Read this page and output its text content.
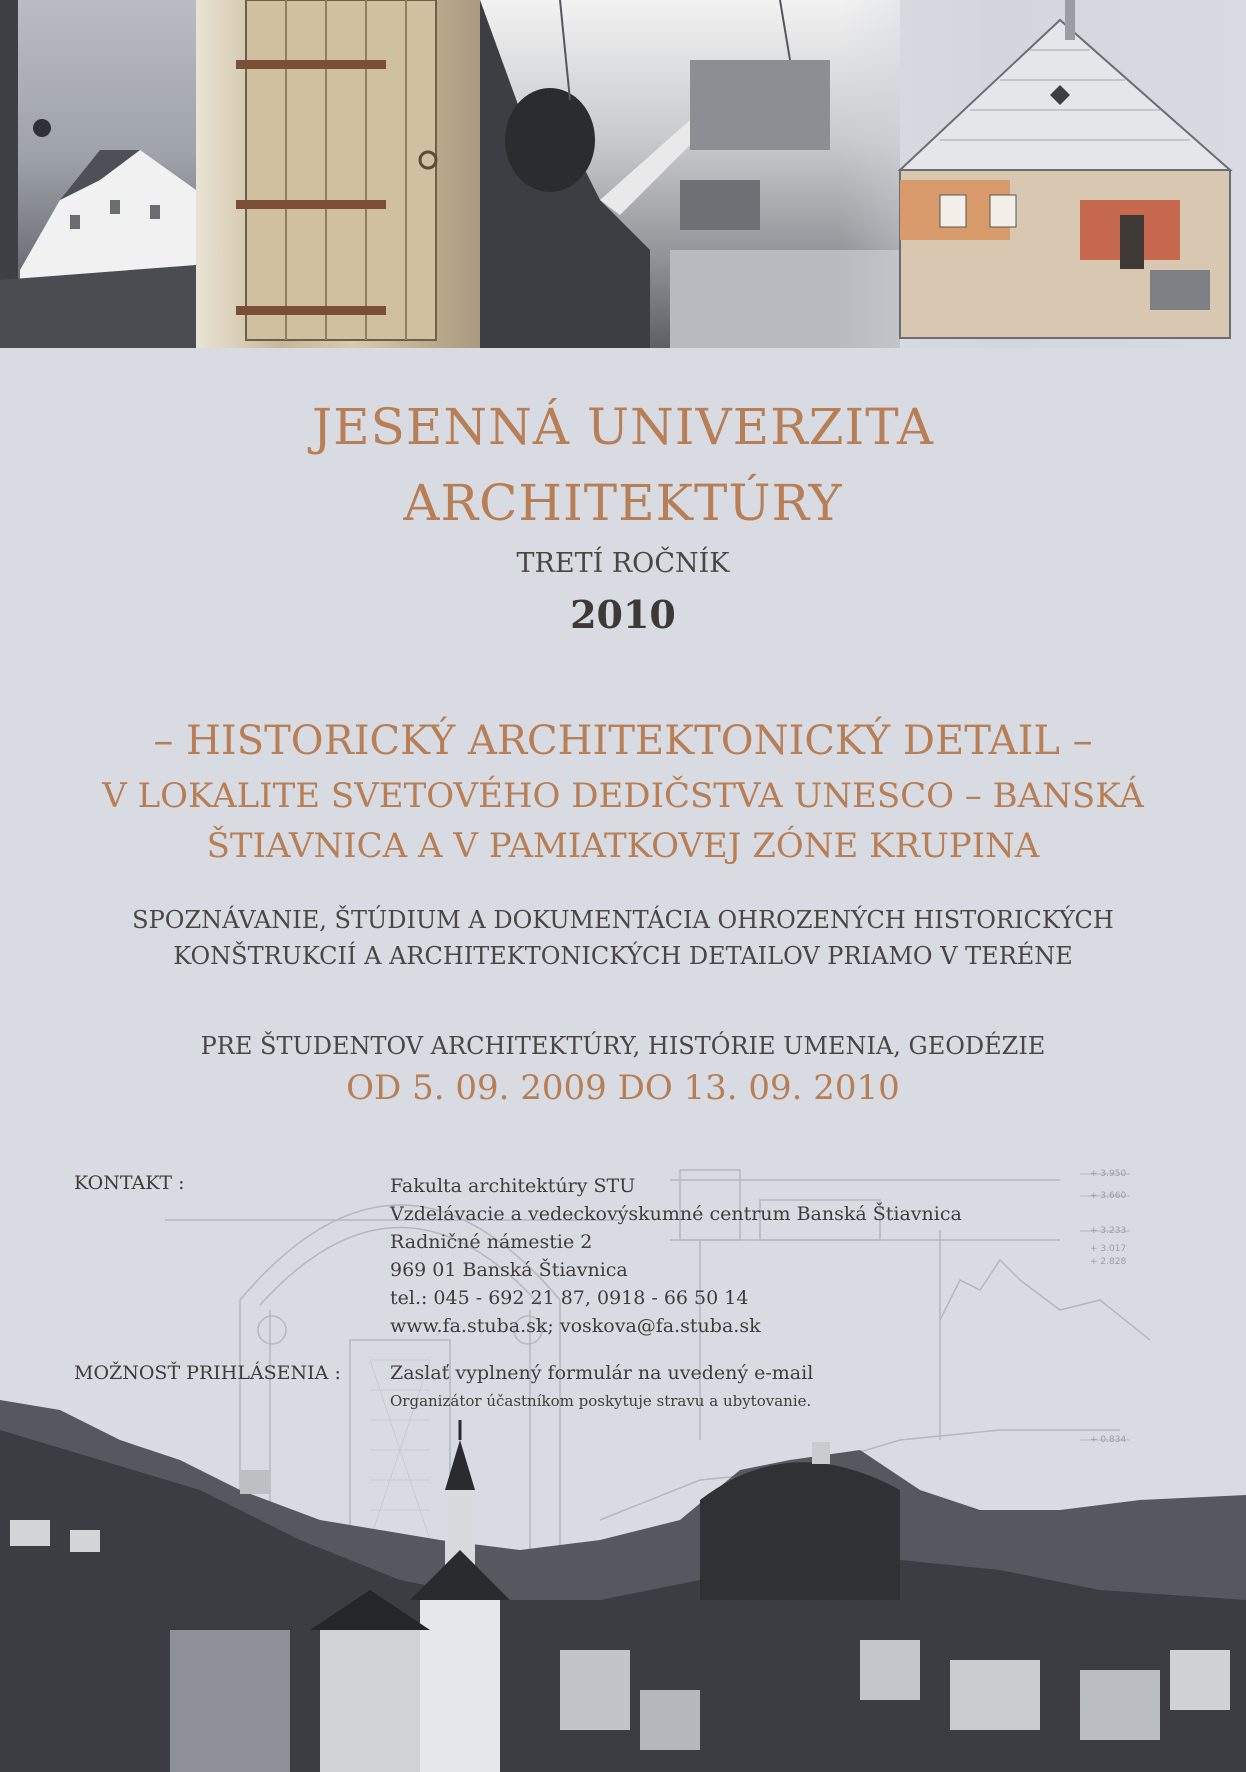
JESENNÁ UNIVERZITA
ARCHITEKTÚRY
TRETÍ ROČNÍK
2010
– HISTORICKÝ ARCHITEKTONICKÝ DETAIL –
V LOKALITE SVETOVÉHO DEDIČSTVA UNESCO – BANSKÁ
ŠTIAVNICA A V PAMIATKOVEJ ZÓNE KRUPINA
SPOZNÁVANIE, ŠTÚDIUM A DOKUMENTÁCIA OHROZENÝCH HISTORICKÝCH
KONŠTRUKCIÍ A ARCHITEKTONICKÝCH DETAILOV PRIAMO V TERÉNE
PRE ŠTUDENTOV ARCHITEKTÚRY, HISTÓRIE UMENIA, GEODÉZIE
OD 5. 09. 2009 DO 13. 09. 2010
+ 3.950
+ 3.660
+ 3.233
+ 3.017
+ 2.828
+ 0.834
KONTAKT :	Fakulta architektúry STU
Vzdelávacie a vedeckovýskumné centrum Banská Štiavnica
Radničné námestie 2
969 01 Banská Štiavnica
tel.: 045 - 692 21 87, 0918 - 66 50 14
www.fa.stuba.sk; voskova@fa.stuba.sk
MOŽNOSŤ PRIHLÁSENIA :	Zaslať vyplnený formulár na uvedený e-mail
Organizátor účastníkom poskytuje stravu a ubytovanie.
